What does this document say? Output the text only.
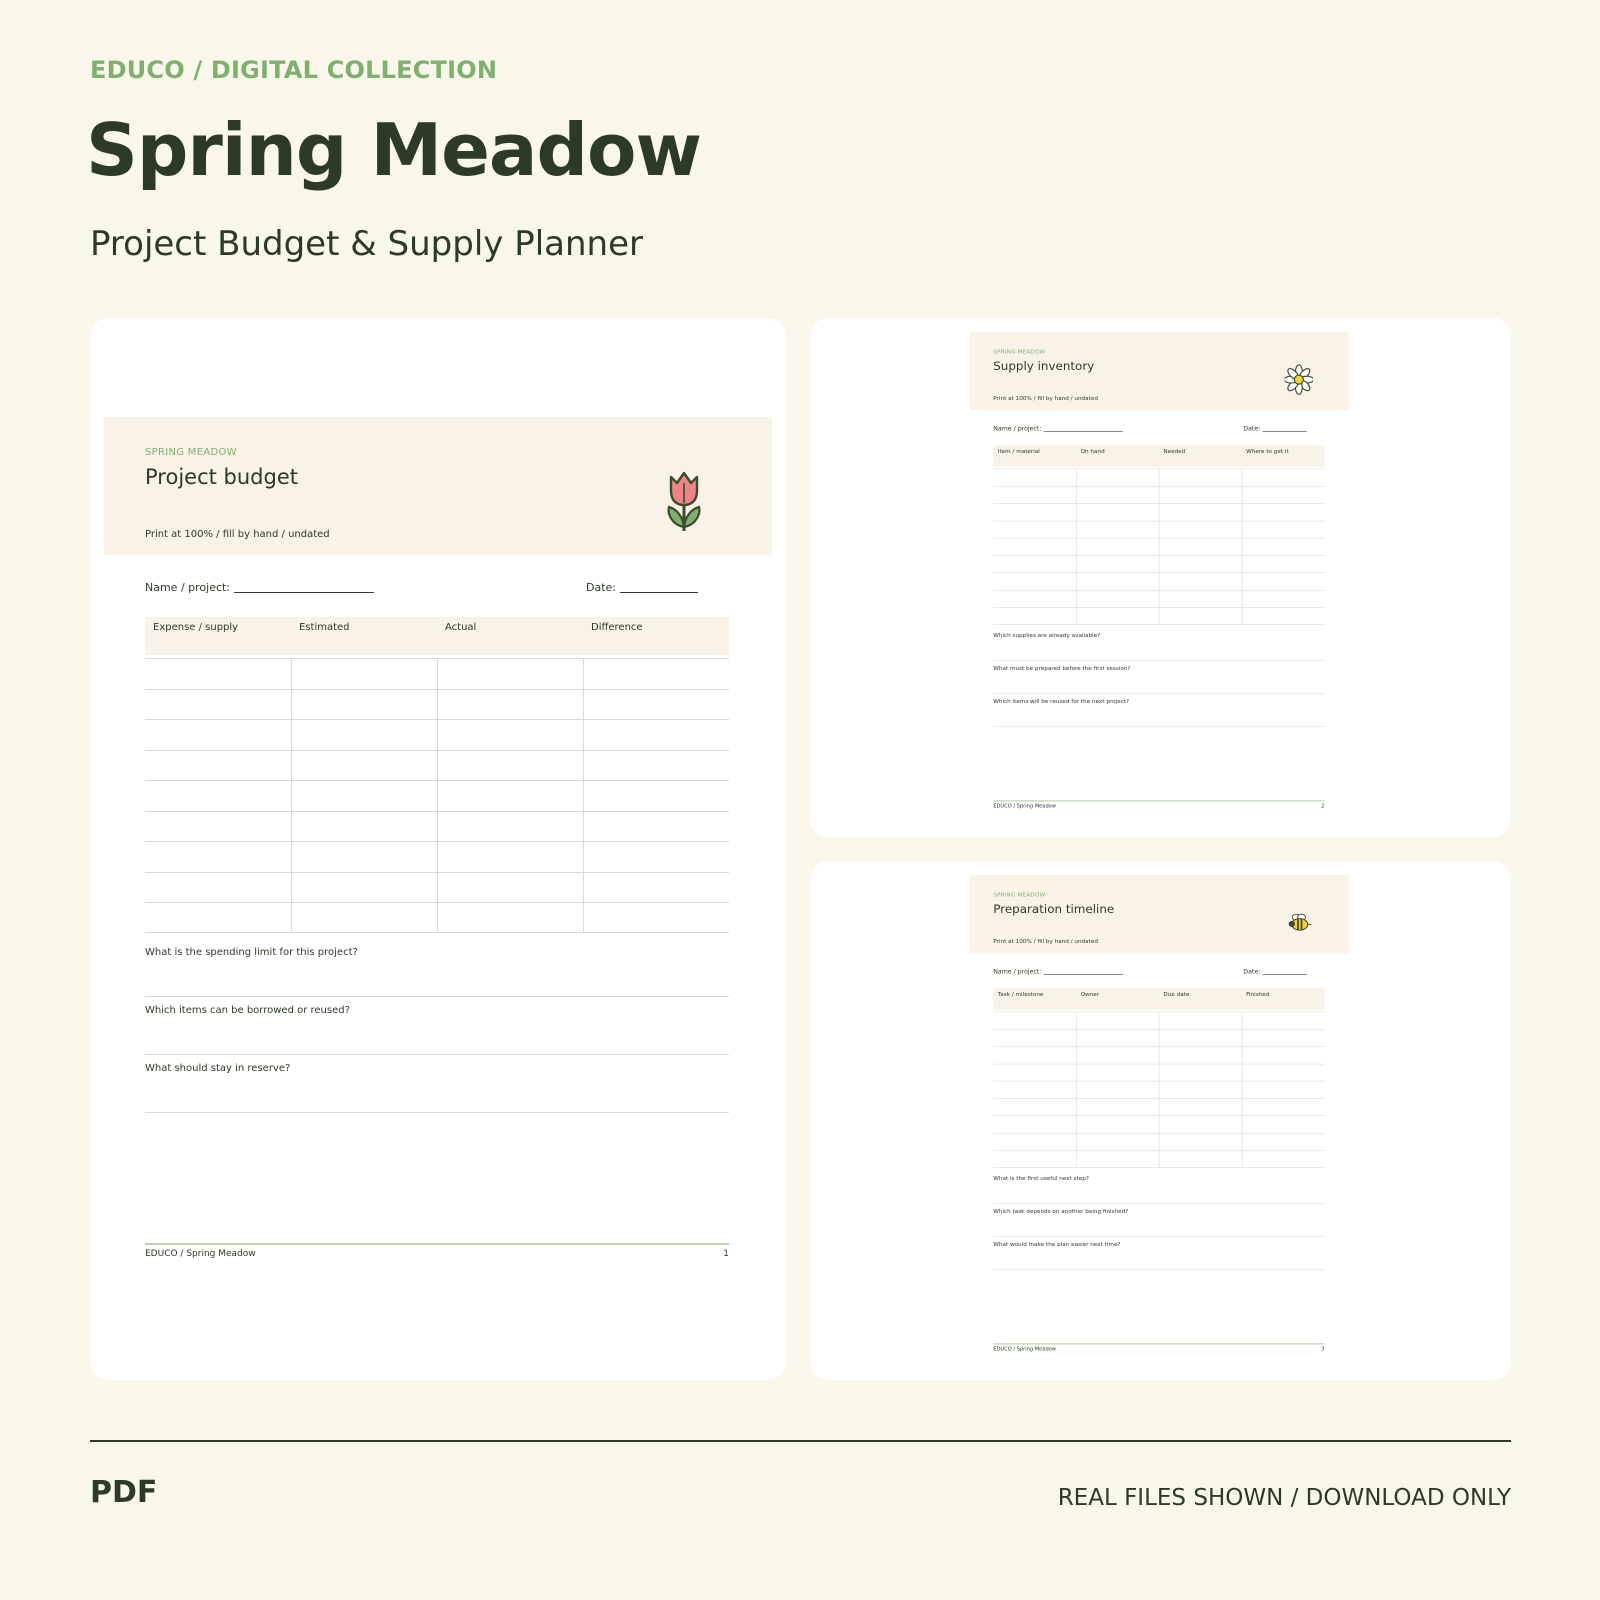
EDUCO / DIGITAL COLLECTION
Spring Meadow
Project Budget & Supply Planner
SPRING MEADOW
Project budget
Print at 100% / fill by hand / undated
Name / project:	Date:
Expense / supply	Estimated	Actual	Difference
What is the spending limit for this project?
Which items can be borrowed or reused?
What should stay in reserve?
EDUCO / Spring Meadow	1
SPRING MEADOW
Supply inventory
Print at 100% / fill by hand / undated
Name / project:	Date:
Item / material	On hand	Needed	Where to get it
Which supplies are already available?
What must be prepared before the first session?
Which items will be reused for the next project?
EDUCO / Spring Meadow	2
SPRING MEADOW
Preparation timeline
Print at 100% / fill by hand / undated
Name / project:	Date:
Task / milestone	Owner	Due date	Finished
What is the first useful next step?
Which task depends on another being finished?
What would make the plan easier next time?
EDUCO / Spring Meadow	3
PDF	REAL FILES SHOWN / DOWNLOAD ONLY
